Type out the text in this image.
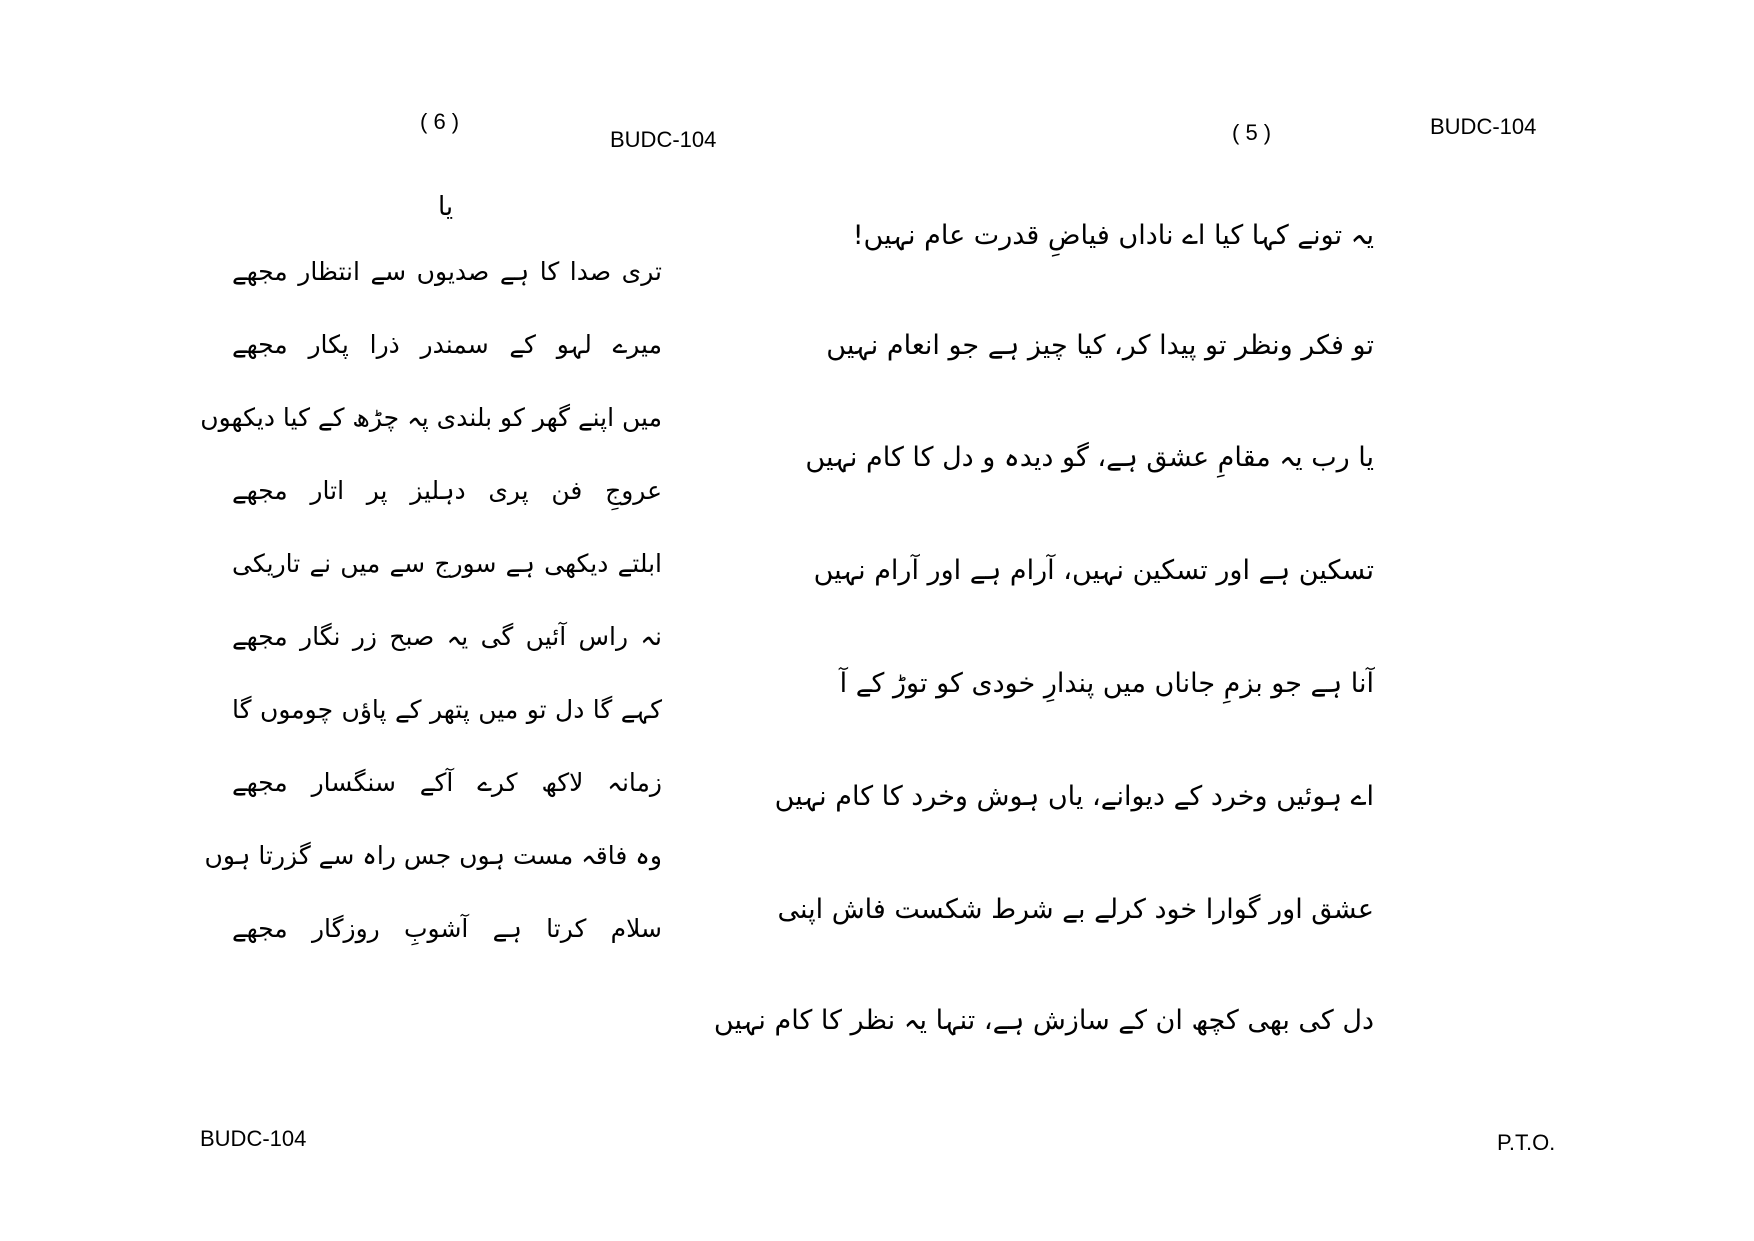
( 6 )
BUDC-104
یا
تری صدا کا ہے صدیوں سے انتظار مجھے
میرے لہو کے سمندر ذرا پکار مجھے
میں اپنے گھر کو بلندی پہ چڑھ کے کیا دیکھوں
عروجِ فن پری دہلیز پر اتار مجھے
ابلتے دیکھی ہے سورج سے میں نے تاریکی
نہ راس آئیں گی یہ صبح زر نگار مجھے
کہے گا دل تو میں پتھر کے پاؤں چوموں گا
زمانہ لاکھ کرے آکے سنگسار مجھے
وہ فاقہ مست ہوں جس راہ سے گزرتا ہوں
سلام کرتا ہے آشوبِ روزگار مجھے
BUDC-104
( 5 )	BUDC-104
یہ تونے کہا کیا اے ناداں فیاضِ قدرت عام نہیں!
تو فکر ونظر تو پیدا کر، کیا چیز ہے جو انعام نہیں
یا رب یہ مقامِ عشق ہے، گو دیدہ و دل کا کام نہیں
تسکین ہے اور تسکین نہیں، آرام ہے اور آرام نہیں
آنا ہے جو بزمِ جاناں میں پندارِ خودی کو توڑ کے آ
اے ہوئیں وخرد کے دیوانے، یاں ہوش وخرد کا کام نہیں
عشق اور گوارا خود کرلے بے شرط شکست فاش اپنی
دل کی بھی کچھ ان کے سازش ہے، تنہا یہ نظر کا کام نہیں
P.T.O.
